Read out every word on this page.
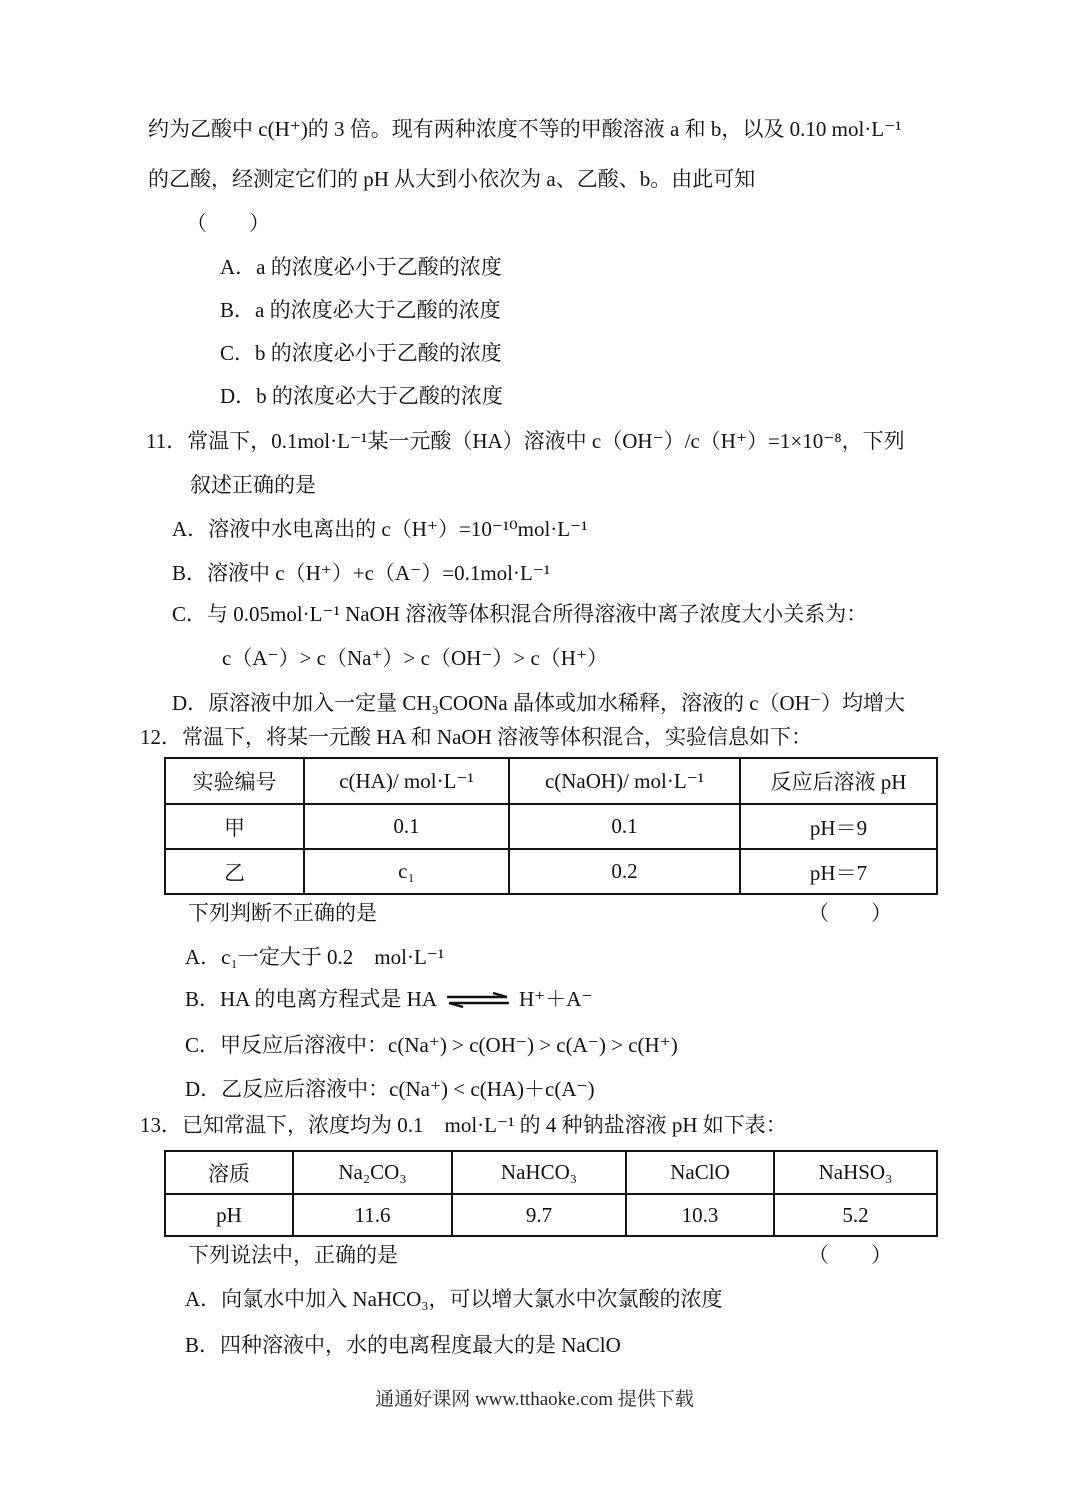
约为乙酸中 c(H⁺)的 3 倍。现有两种浓度不等的甲酸溶液 a 和 b，以及 0.10 mol·L⁻¹
的乙酸，经测定它们的 pH 从大到小依次为 a、乙酸、b。由此可知
（　　）
A．a 的浓度必小于乙酸的浓度
B．a 的浓度必大于乙酸的浓度
C．b 的浓度必小于乙酸的浓度
D．b 的浓度必大于乙酸的浓度
11．常温下，0.1mol·L⁻¹某一元酸（HA）溶液中 c（OH⁻）/c（H⁺）=1×10⁻⁸，下列
叙述正确的是
A．溶液中水电离出的 c（H⁺）=10⁻¹⁰mol·L⁻¹
B．溶液中 c（H⁺）+c（A⁻）=0.1mol·L⁻¹
C．与 0.05mol·L⁻¹ NaOH 溶液等体积混合所得溶液中离子浓度大小关系为：
c（A⁻）> c（Na⁺）> c（OH⁻）> c（H⁺）
D．原溶液中加入一定量 CH₃COONa 晶体或加水稀释，溶液的 c（OH⁻）均增大
12．常温下，将某一元酸 HA 和 NaOH 溶液等体积混合，实验信息如下：
实验编号	c(HA)/ mol·L⁻¹	c(NaOH)/ mol·L⁻¹	反应后溶液 pH
甲	0.1	0.1	pH＝9
乙	c₁	0.2	pH＝7
下列判断不正确的是	（　　）
A．c₁一定大于 0.2　mol·L⁻¹
B．HA 的电离方程式是 HA⇌H⁺＋A⁻
C．甲反应后溶液中：c(Na⁺) > c(OH⁻) > c(A⁻) > c(H⁺)
D．乙反应后溶液中：c(Na⁺) < c(HA)＋c(A⁻)
13．已知常温下，浓度均为 0.1　mol·L⁻¹ 的 4 种钠盐溶液 pH 如下表：
溶质	Na₂CO₃	NaHCO₃	NaClO	NaHSO₃
pH	11.6	9.7	10.3	5.2
下列说法中，正确的是	（　　）
A．向氯水中加入 NaHCO₃，可以增大氯水中次氯酸的浓度
B．四种溶液中，水的电离程度最大的是 NaClO
通通好课网 www.tthaoke.com 提供下载
